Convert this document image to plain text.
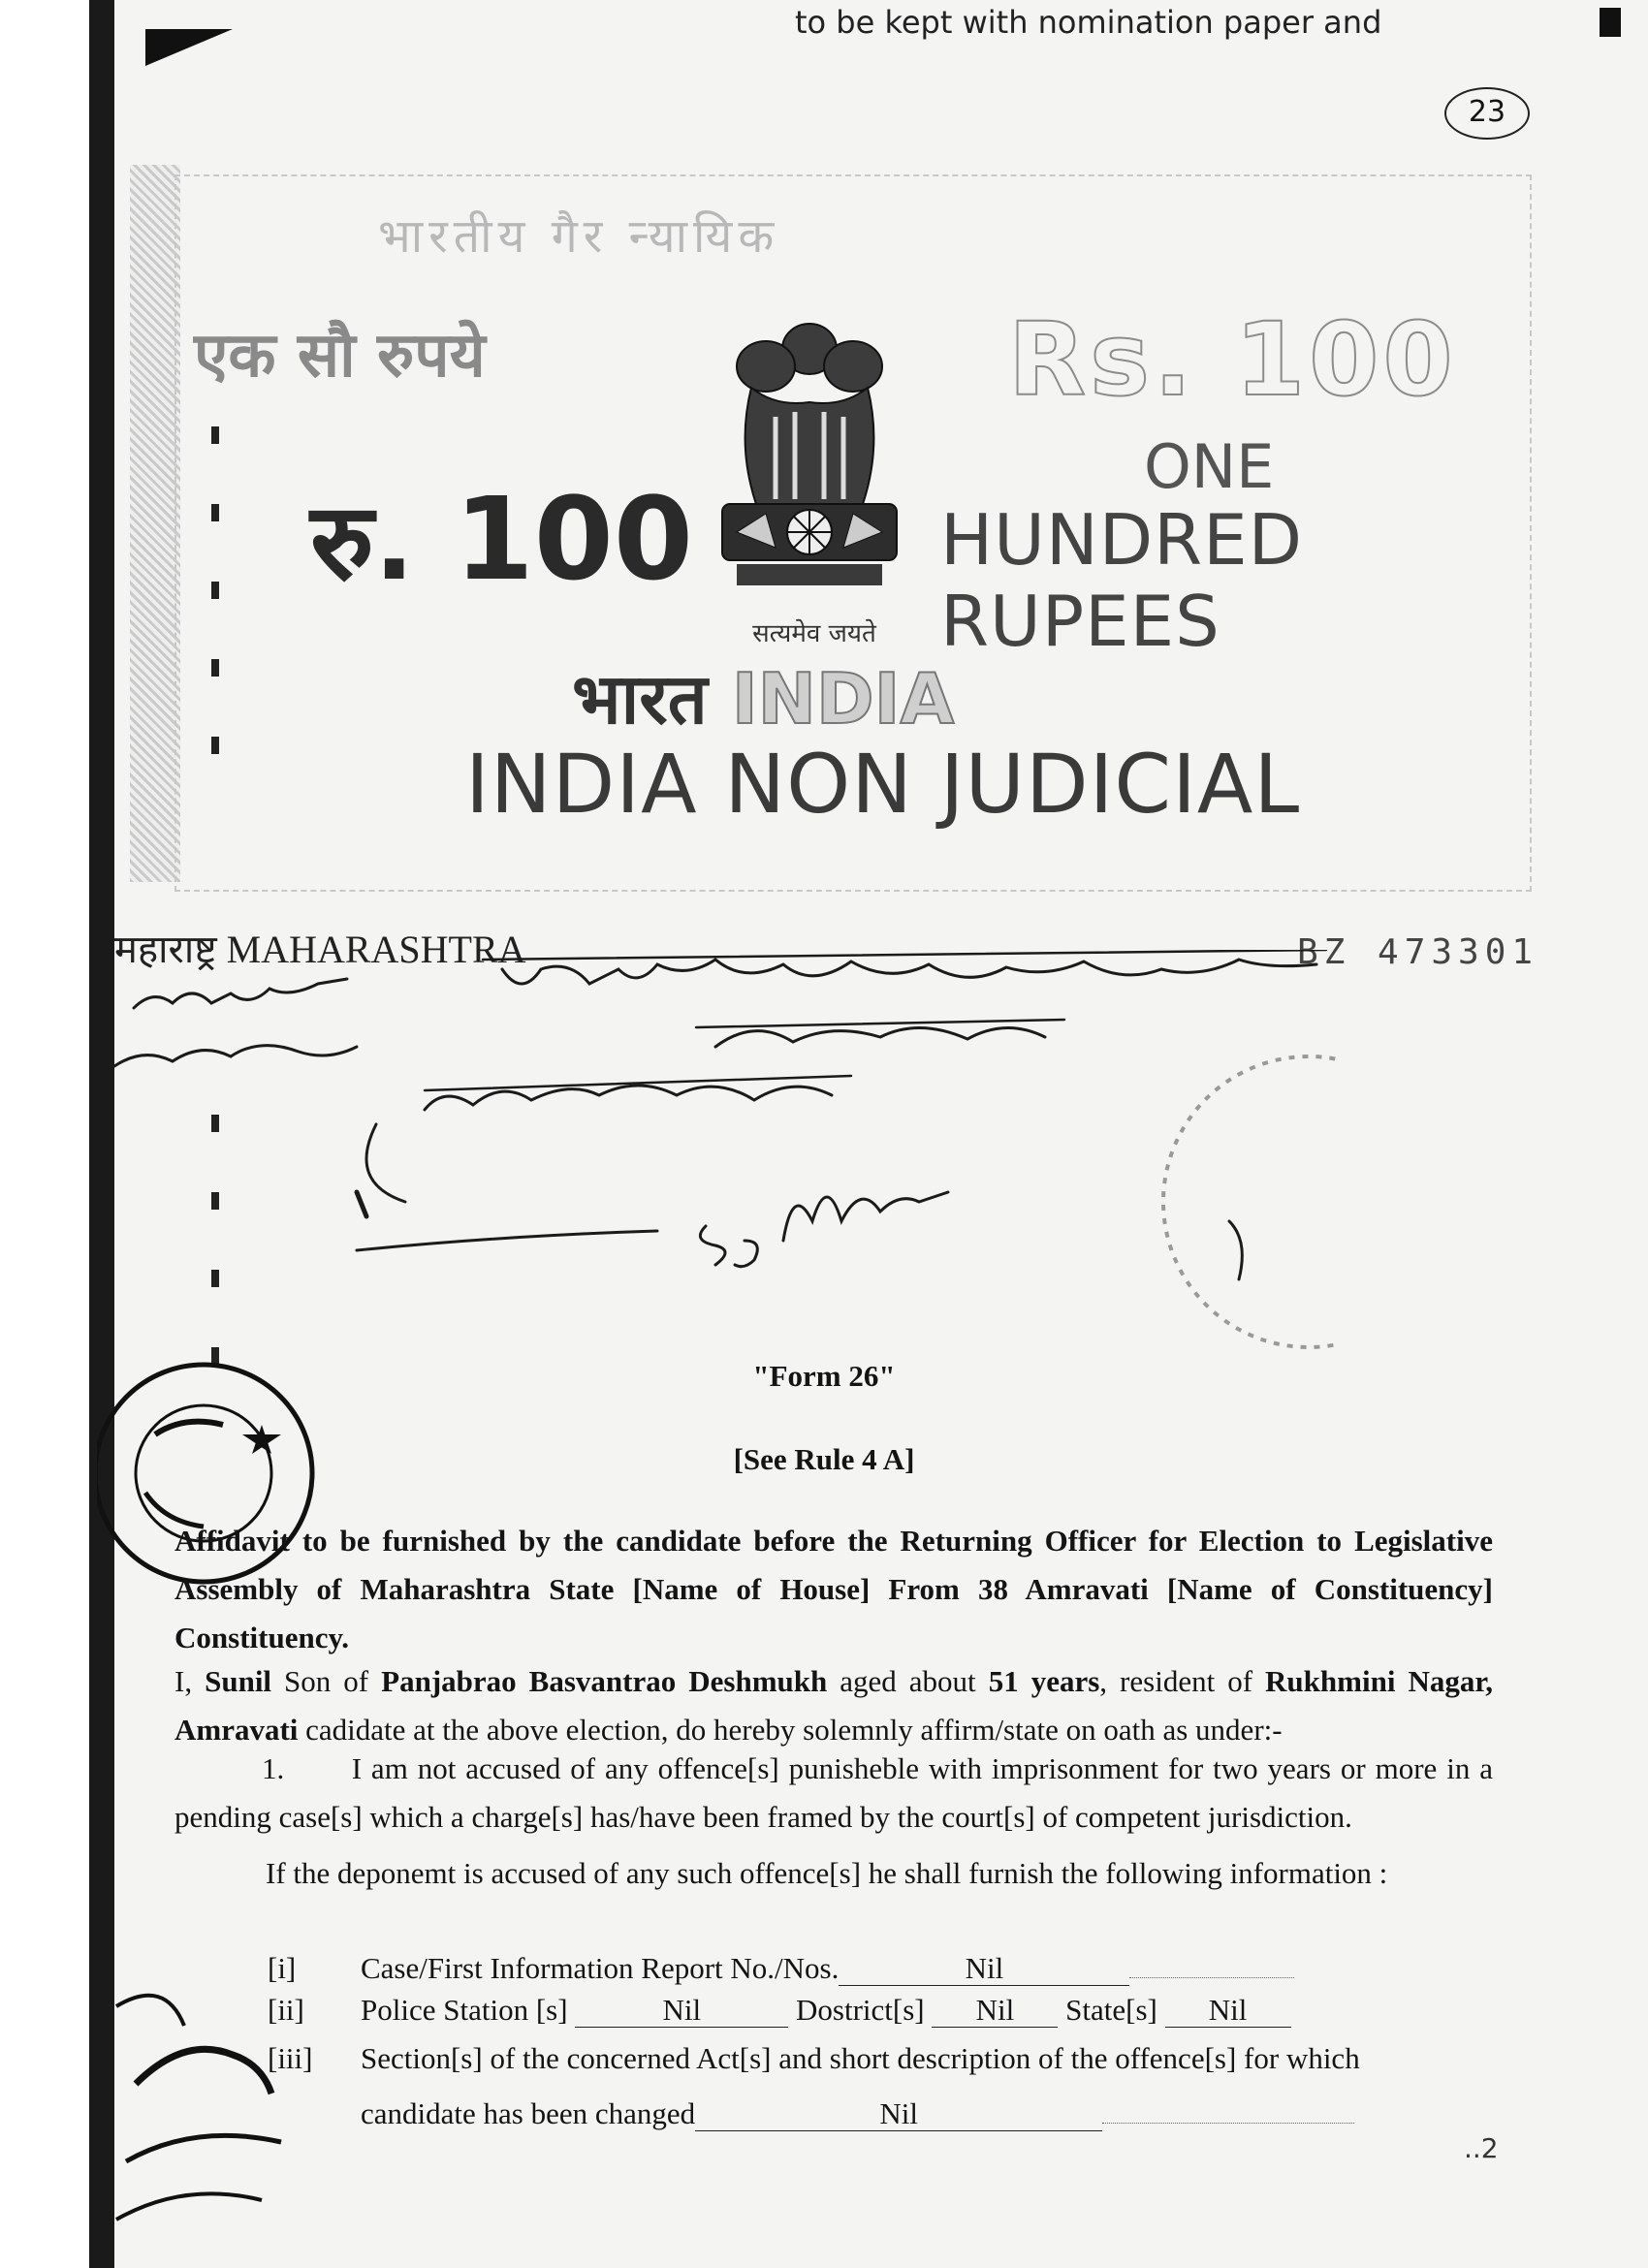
to be kept with nomination paper and
23
भारतीय गैर न्यायिक
एक सौ रुपये	Rs. 100
ONE
HUNDRED RUPEES
रु. 100
सत्यमेव जयते
भारत INDIA
INDIA NON JUDICIAL
महाराष्ट्र MAHARASHTRA	BZ 473301
"Form 26"
[See Rule 4 A]
Affidavit to be furnished by the candidate before the Returning Officer for Election to Legislative Assembly of Maharashtra State [Name of House] From 38 Amravati [Name of Constituency] Constituency.
I, Sunil Son of Panjabrao Basvantrao Deshmukh aged about 51 years, resident of Rukhmini Nagar, Amravati cadidate at the above election, do hereby solemnly affirm/state on oath as under:-
1. I am not accused of any offence[s] punisheble with imprisonment for two years or more in a pending case[s] which a charge[s] has/have been framed by the court[s] of competent jurisdiction.
If the deponemt is accused of any such offence[s] he shall furnish the following information :
[i] Case/First Information Report No./Nos.	Nil
[ii] Police Station [s]	Nil	Dostrict[s] Nil State[s] Nil
[iii] Section[s] of the concerned Act[s] and short description of the offence[s] for which
candidate has been changed	Nil
..2
